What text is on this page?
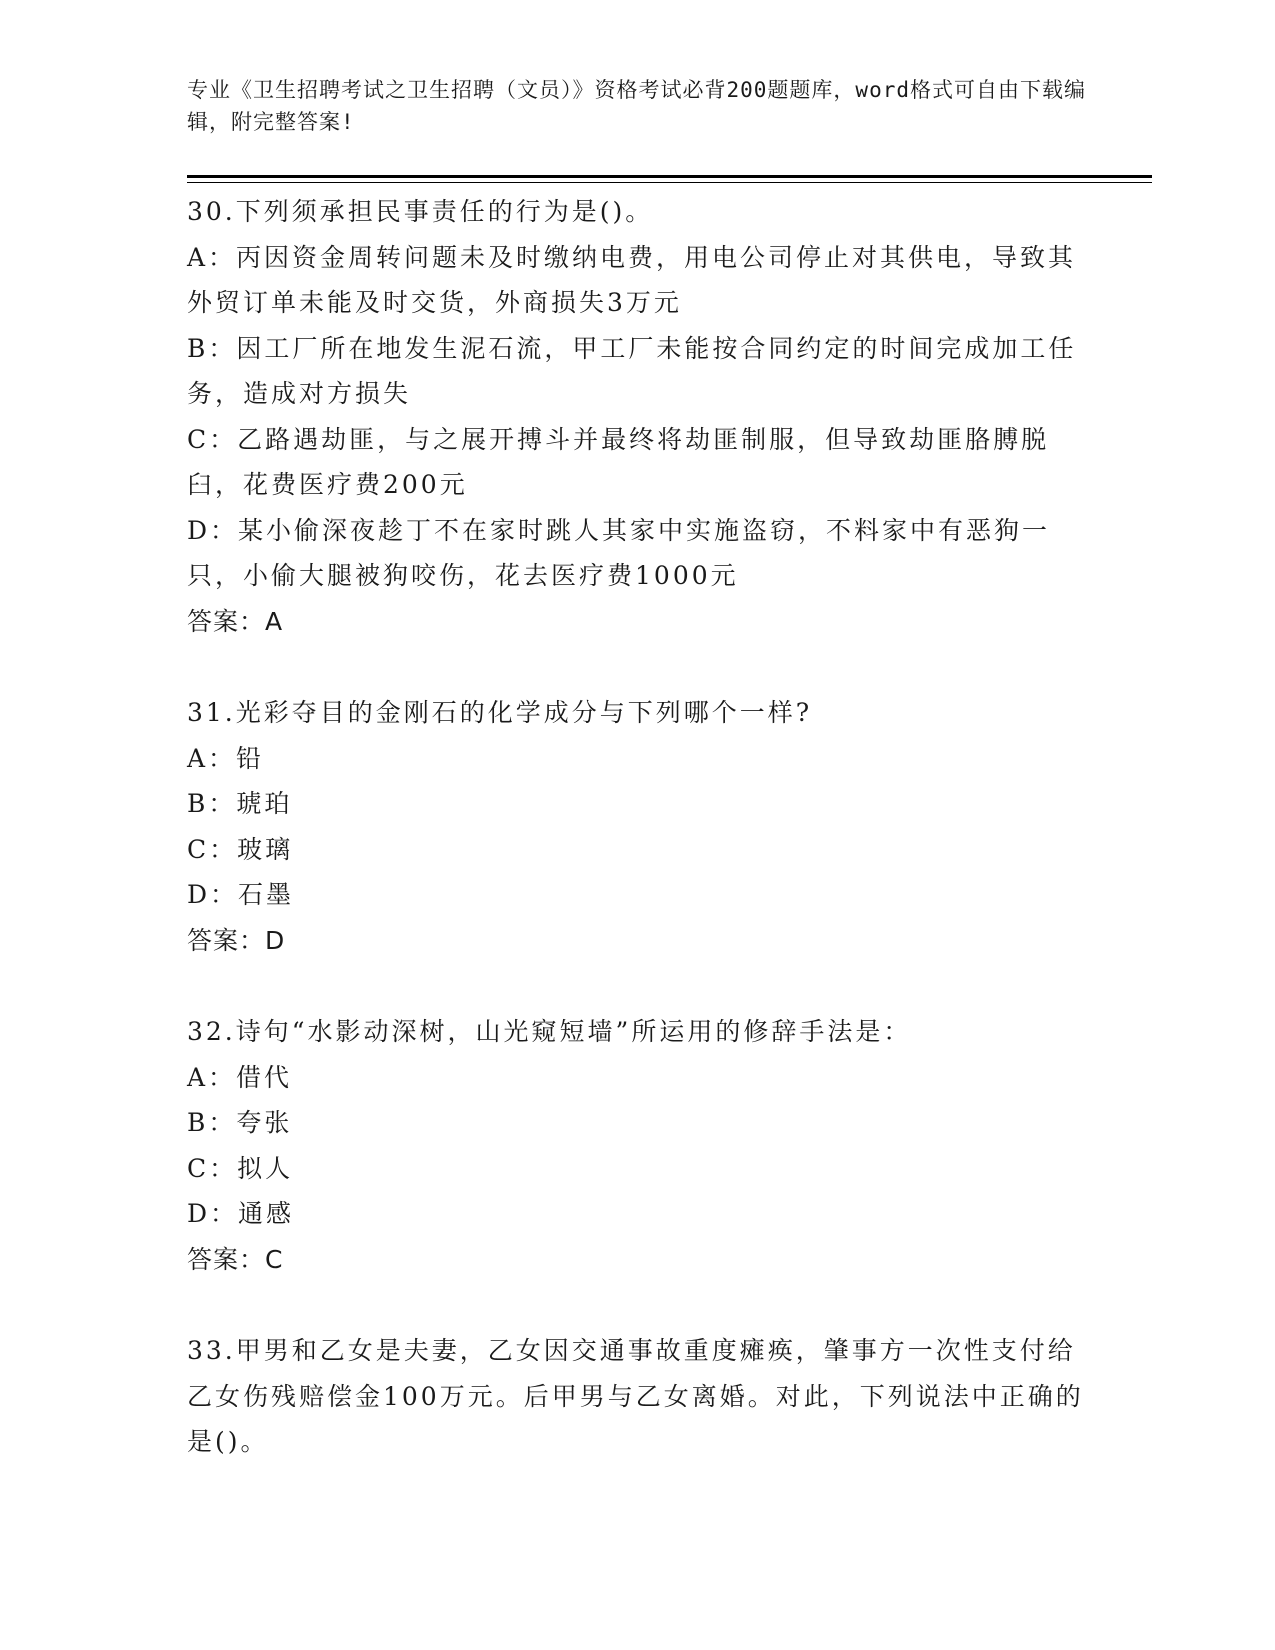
专业《卫生招聘考试之卫生招聘（文员）》资格考试必背200题题库，word格式可自由下载编辑，附完整答案!

30.下列须承担民事责任的行为是()。

A：丙因资金周转问题未及时缴纳电费，用电公司停止对其供电，导致其外贸订单未能及时交货，外商损失3万元

B：因工厂所在地发生泥石流，甲工厂未能按合同约定的时间完成加工任务，造成对方损失

C：乙路遇劫匪，与之展开搏斗并最终将劫匪制服，但导致劫匪胳膊脱臼，花费医疗费200元

D：某小偷深夜趁丁不在家时跳人其家中实施盗窃，不料家中有恶狗一只，小偷大腿被狗咬伤，花去医疗费1000元

答案：A

31.光彩夺目的金刚石的化学成分与下列哪个一样?

A：铅

B：琥珀

C：玻璃

D：石墨

答案：D

32.诗句“水影动深树，山光窥短墙”所运用的修辞手法是：

A：借代

B：夸张

C：拟人

D：通感

答案：C

33.甲男和乙女是夫妻，乙女因交通事故重度瘫痪，肇事方一次性支付给乙女伤残赔偿金100万元。后甲男与乙女离婚。对此，下列说法中正确的是()。
